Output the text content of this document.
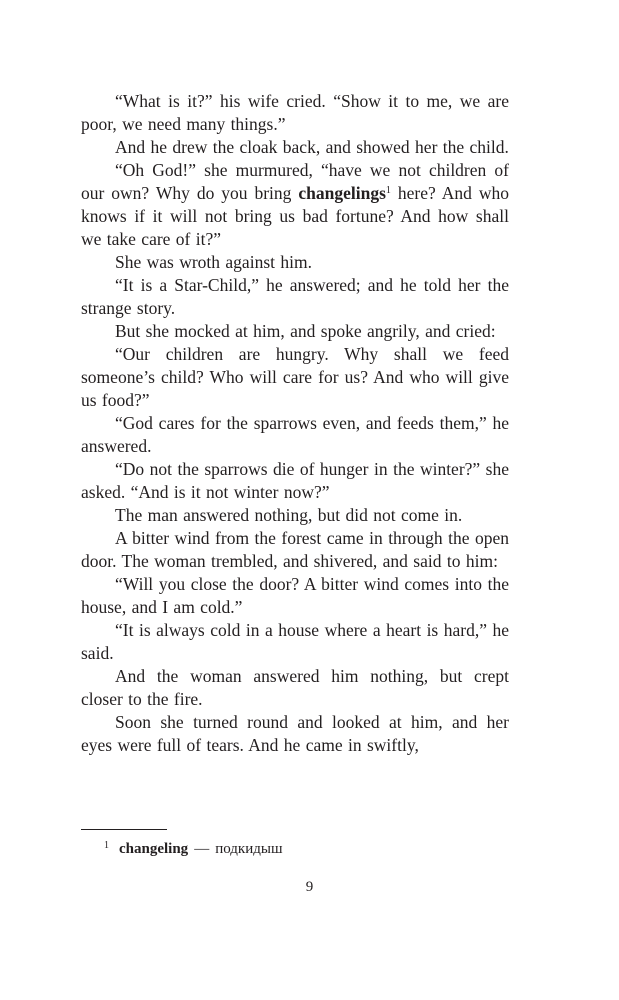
“What is it?” his wife cried. “Show it to me, we are poor, we need many things.”

And he drew the cloak back, and showed her the child.

“Oh God!” she murmured, “have we not children of our own? Why do you bring changelings$^1$ here? And who knows if it will not bring us bad fortune? And how shall we take care of it?”

She was wroth against him.

“It is a Star-Child,” he answered; and he told her the strange story.

But she mocked at him, and spoke angrily, and cried:

“Our children are hungry. Why shall we feed someone’s child? Who will care for us? And who will give us food?”

“God cares for the sparrows even, and feeds them,” he answered.

“Do not the sparrows die of hunger in the winter?” she asked. “And is it not winter now?”

The man answered nothing, but did not come in.

A bitter wind from the forest came in through the open door. The woman trembled, and shivered, and said to him:

“Will you close the door? A bitter wind comes into the house, and I am cold.”

“It is always cold in a house where a heart is hard,” he said.

And the woman answered him nothing, but crept closer to the fire.

Soon she turned round and looked at him, and her eyes were full of tears. And he came in swiftly,

$^1$ changeling — подкидыш
9
